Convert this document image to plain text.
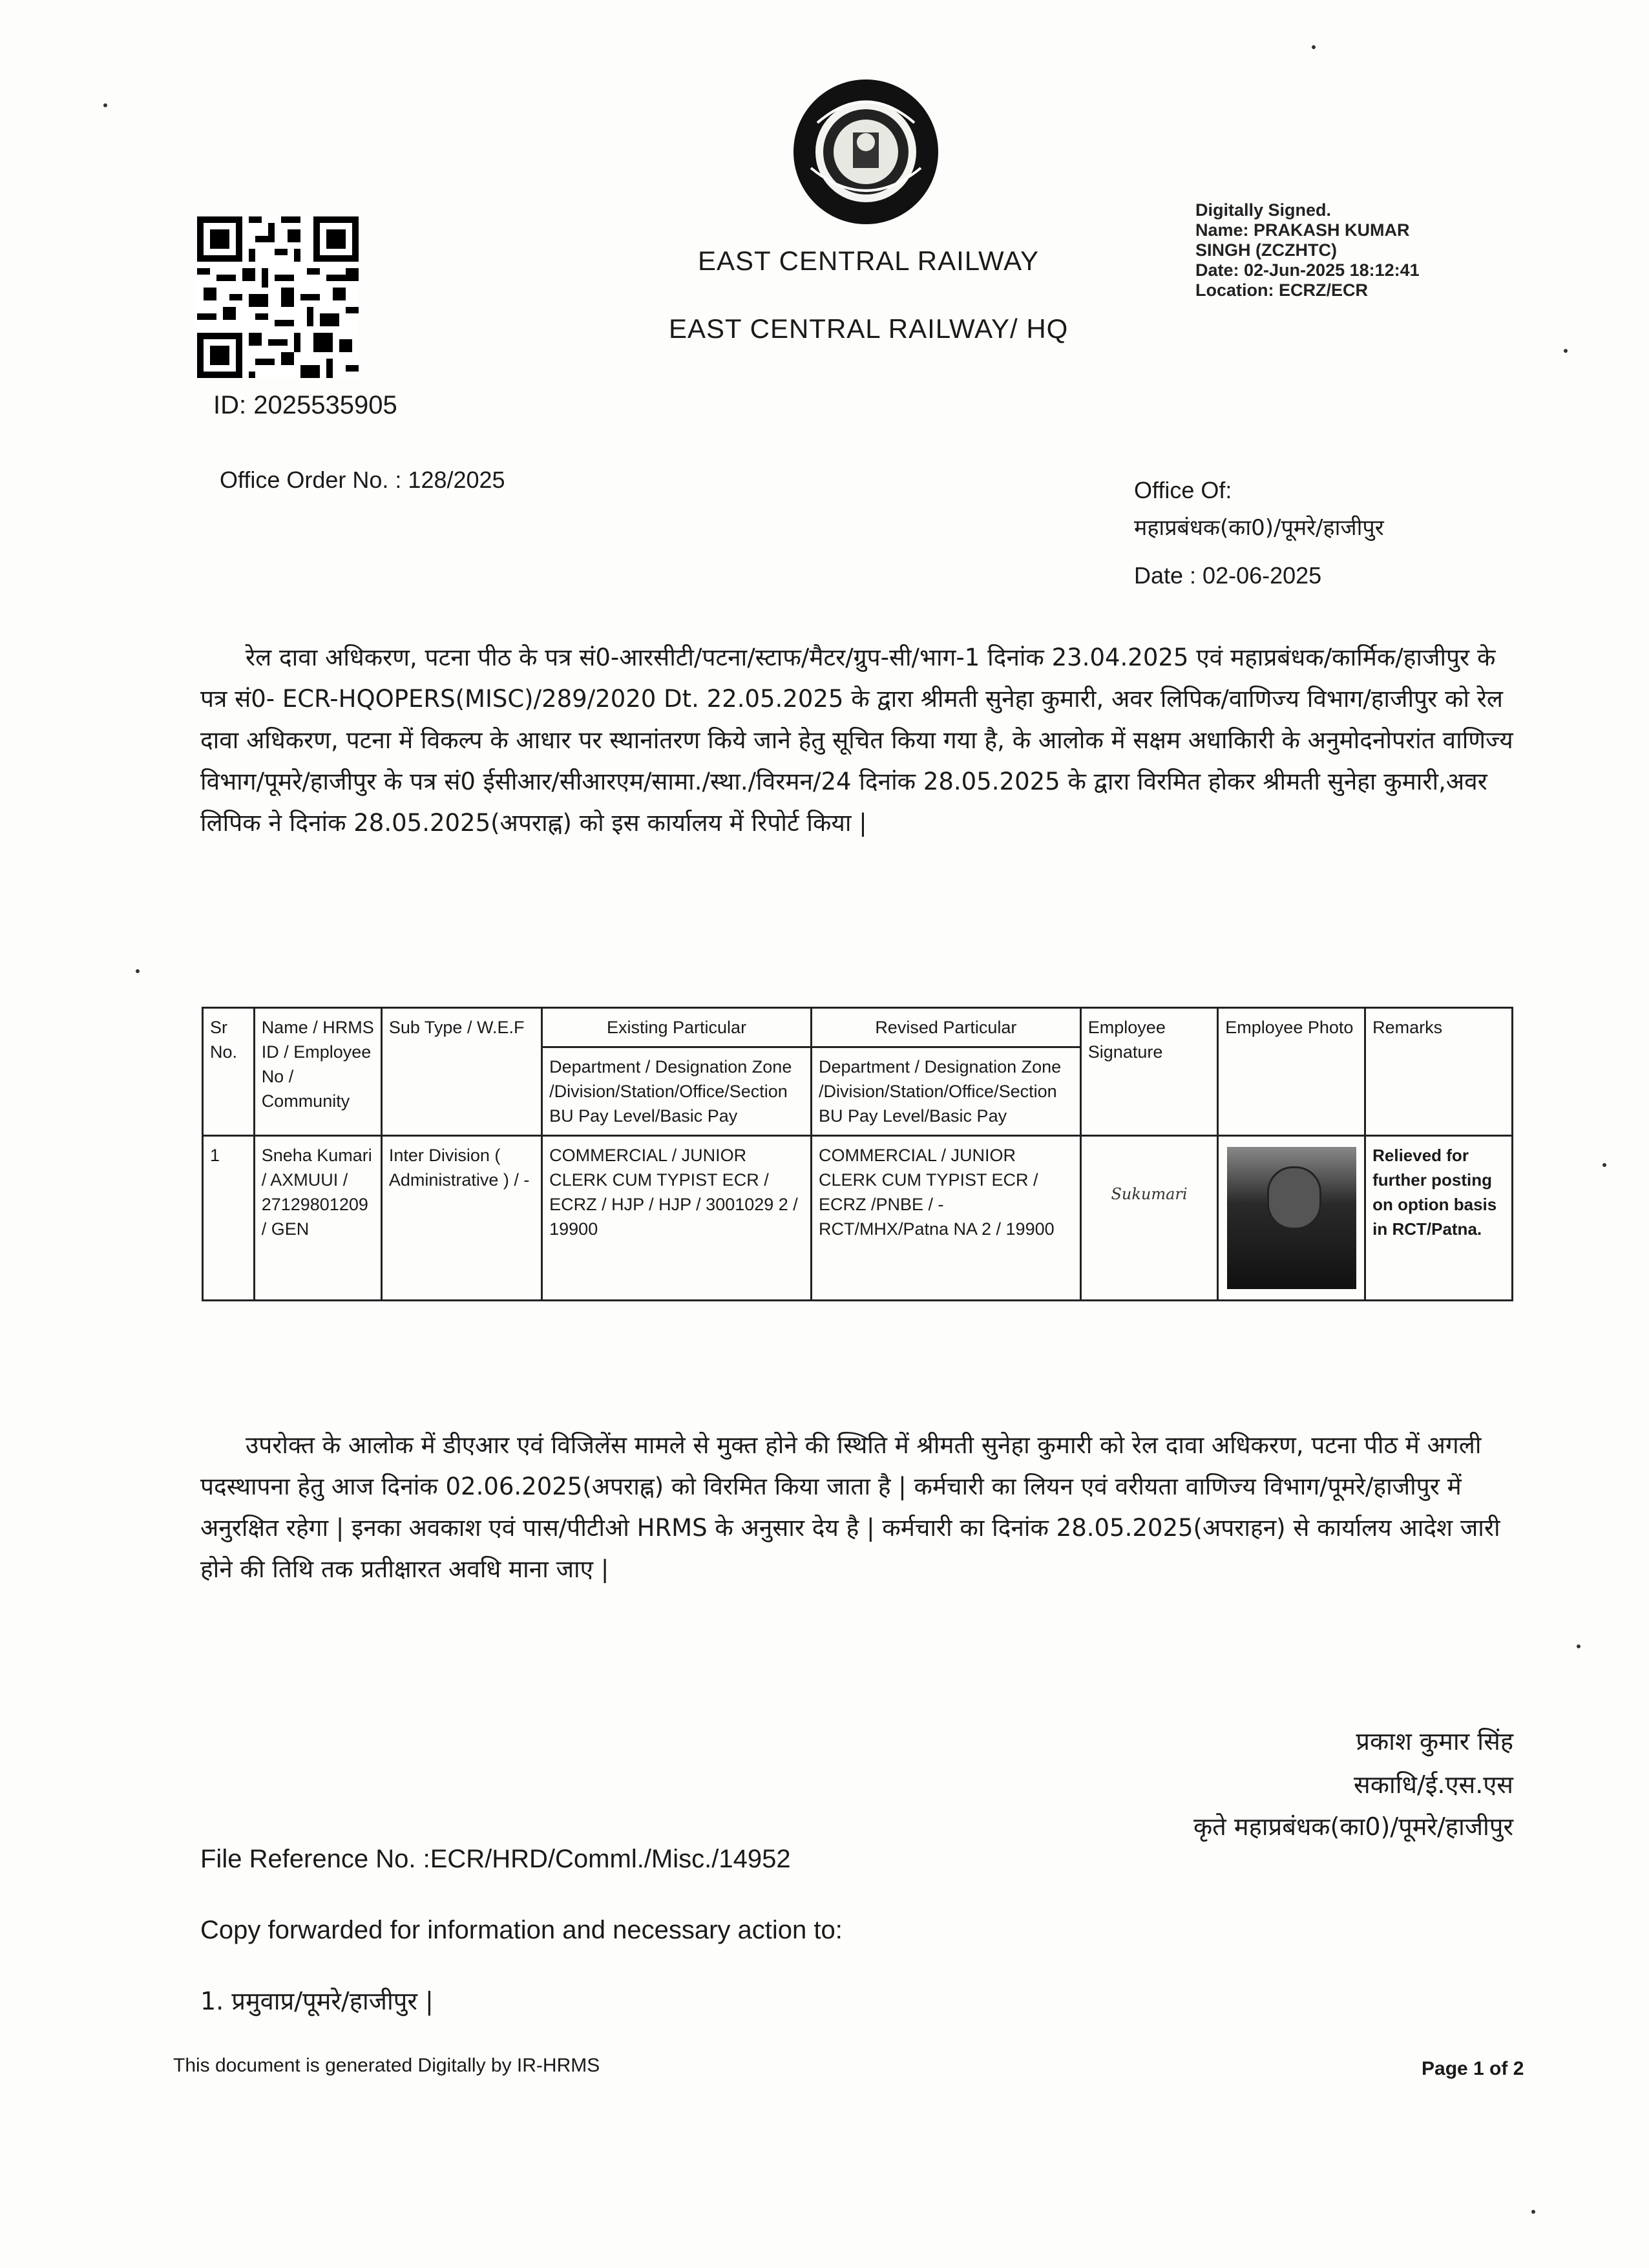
EAST CENTRAL RAILWAY
EAST CENTRAL RAILWAY/ HQ
Digitally Signed.
Name: PRAKASH KUMAR
SINGH (ZCZHTC)
Date: 02-Jun-2025 18:12:41
Location: ECRZ/ECR
ID: 2025535905
Office Order No. : 128/2025	Office Of:
महाप्रबंधक(का0)/पूमरे/हाजीपुर
Date : 02-06-2025
रेल दावा अधिकरण, पटना पीठ के पत्र सं0-आरसीटी/पटना/स्टाफ/मैटर/ग्रुप-सी/भाग-1 दिनांक 23.04.2025 एवं महाप्रबंधक/कार्मिक/हाजीपुर के पत्र सं0- ECR-HQOPERS(MISC)/289/2020 Dt. 22.05.2025 के द्वारा श्रीमती सुनेहा कुमारी, अवर लिपिक/वाणिज्य विभाग/हाजीपुर को रेल दावा अधिकरण, पटना में विकल्प के आधार पर स्थानांतरण किये जाने हेतु सूचित किया गया है, के आलोक में सक्षम अधाकिारी के अनुमोदनोपरांत वाणिज्य विभाग/पूमरे/हाजीपुर के पत्र सं0 ईसीआर/सीआरएम/सामा./स्था./विरमन/24 दिनांक 28.05.2025 के द्वारा विरमित होकर श्रीमती सुनेहा कुमारी,अवर लिपिक ने दिनांक 28.05.2025(अपराह्न) को इस कार्यालय में रिपोर्ट किया |
Sr No.	Name / HRMS ID / Employee No / Community	Sub Type / W.E.F	Existing Particular	Revised Particular	Employee Signature	Employee Photo	Remarks
			Department / Designation Zone /Division/Station/Office/Section BU Pay Level/Basic Pay	Department / Designation Zone /Division/Station/Office/Section BU Pay Level/Basic Pay			
1	Sneha Kumari / AXMUUI / 27129801209 / GEN	Inter Division ( Administrative ) / -	COMMERCIAL / JUNIOR CLERK CUM TYPIST ECR / ECRZ / HJP / HJP / 3001029 2 / 19900	COMMERCIAL / JUNIOR CLERK CUM TYPIST ECR / ECRZ /PNBE / - RCT/MHX/Patna NA 2 / 19900	Sukumari		Relieved for further posting on option basis in RCT/Patna.
उपरोक्त के आलोक में डीएआर एवं विजिलेंस मामले से मुक्त होने की स्थिति में श्रीमती सुनेहा कुमारी को रेल दावा अधिकरण, पटना पीठ में अगली पदस्थापना हेतु आज दिनांक 02.06.2025(अपराह्न) को विरमित किया जाता है | कर्मचारी का लियन एवं वरीयता वाणिज्य विभाग/पूमरे/हाजीपुर में अनुरक्षित रहेगा | इनका अवकाश एवं पास/पीटीओ HRMS के अनुसार देय है | कर्मचारी का दिनांक 28.05.2025(अपराहन) से कार्यालय आदेश जारी होने की तिथि तक प्रतीक्षारत अवधि माना जाए |
प्रकाश कुमार सिंह
सकाधि/ई.एस.एस
कृते महाप्रबंधक(का0)/पूमरे/हाजीपुर
File Reference No. :ECR/HRD/Comml./Misc./14952
Copy forwarded for information and necessary action to:
1. प्रमुवाप्र/पूमरे/हाजीपुर |
This document is generated Digitally by IR-HRMS	Page 1 of 2
